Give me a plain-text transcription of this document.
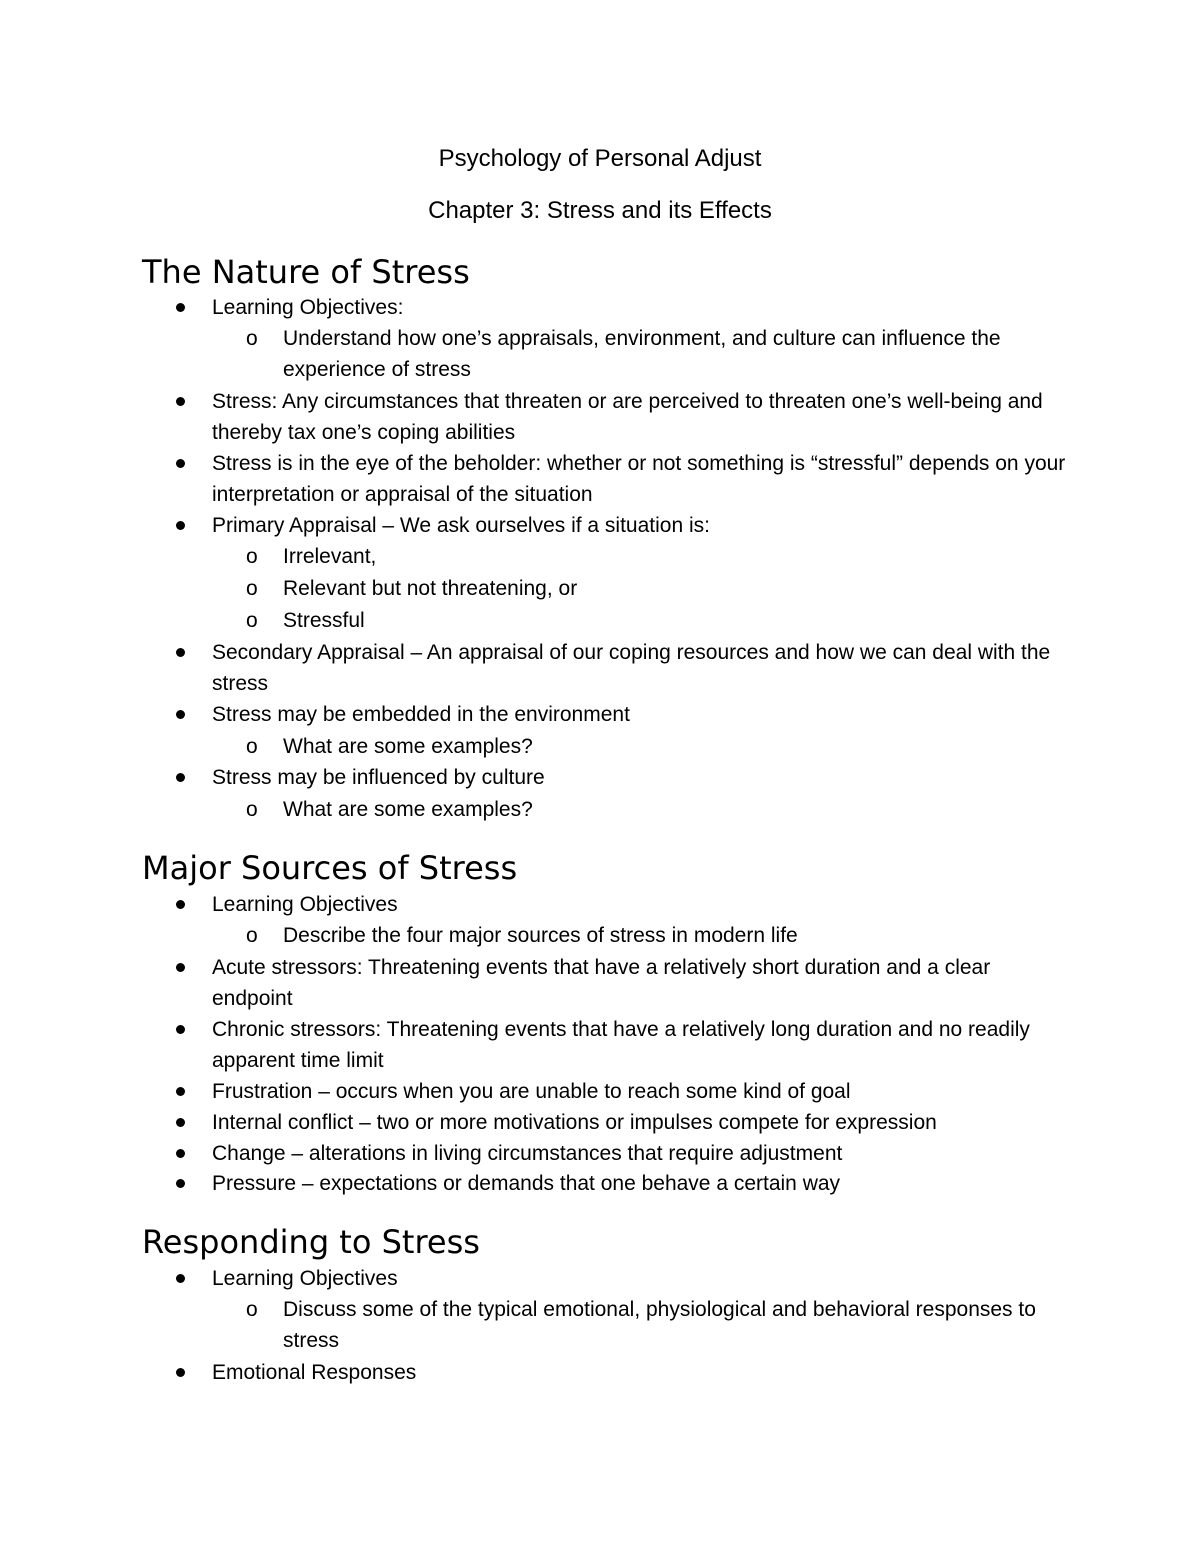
Psychology of Personal Adjust
Chapter 3: Stress and its Effects
The Nature of Stress
Learning Objectives:
o Understand how one’s appraisals, environment, and culture can influence the experience of stress
Stress: Any circumstances that threaten or are perceived to threaten one’s well-being and thereby tax one’s coping abilities
Stress is in the eye of the beholder: whether or not something is “stressful” depends on your interpretation or appraisal of the situation
Primary Appraisal – We ask ourselves if a situation is:
o Irrelevant,
o Relevant but not threatening, or
o Stressful
Secondary Appraisal – An appraisal of our coping resources and how we can deal with the stress
Stress may be embedded in the environment
o What are some examples?
Stress may be influenced by culture
o What are some examples?
Major Sources of Stress
Learning Objectives
o Describe the four major sources of stress in modern life
Acute stressors: Threatening events that have a relatively short duration and a clear endpoint
Chronic stressors: Threatening events that have a relatively long duration and no readily apparent time limit
Frustration – occurs when you are unable to reach some kind of goal
Internal conflict – two or more motivations or impulses compete for expression
Change – alterations in living circumstances that require adjustment
Pressure – expectations or demands that one behave a certain way
Responding to Stress
Learning Objectives
o Discuss some of the typical emotional, physiological and behavioral responses to stress
Emotional Responses
